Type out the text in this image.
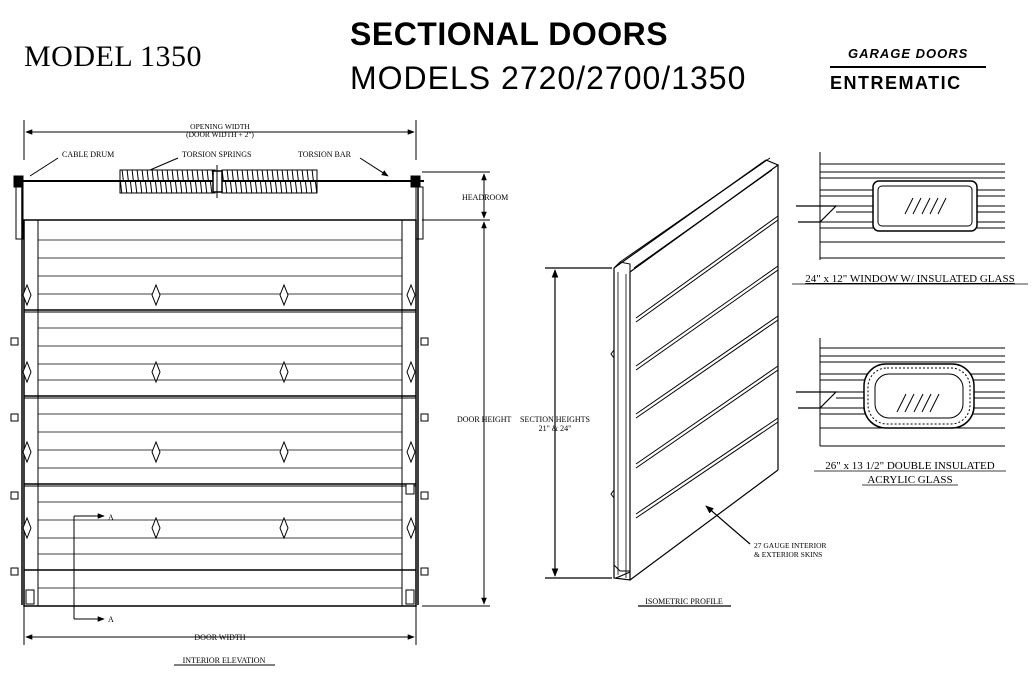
MODEL 1350
SECTIONAL DOORS
MODELS 2720/2700/1350
GARAGE DOORS
ENTREMATIC
OPENING WIDTH
(DOOR WIDTH + 2")
CABLE DRUM	TORSION SPRINGS	TORSION BAR
HEADROOM
DOOR HEIGHT SECTION HEIGHTS
21" & 24"
A
A
DOOR WIDTH
INTERIOR ELEVATION
27 GAUGE INTERIOR
& EXTERIOR SKINS
ISOMETRIC PROFILE
24" x 12" WINDOW W/ INSULATED GLASS
26" x 13 1/2" DOUBLE INSULATED
ACRYLIC GLASS
